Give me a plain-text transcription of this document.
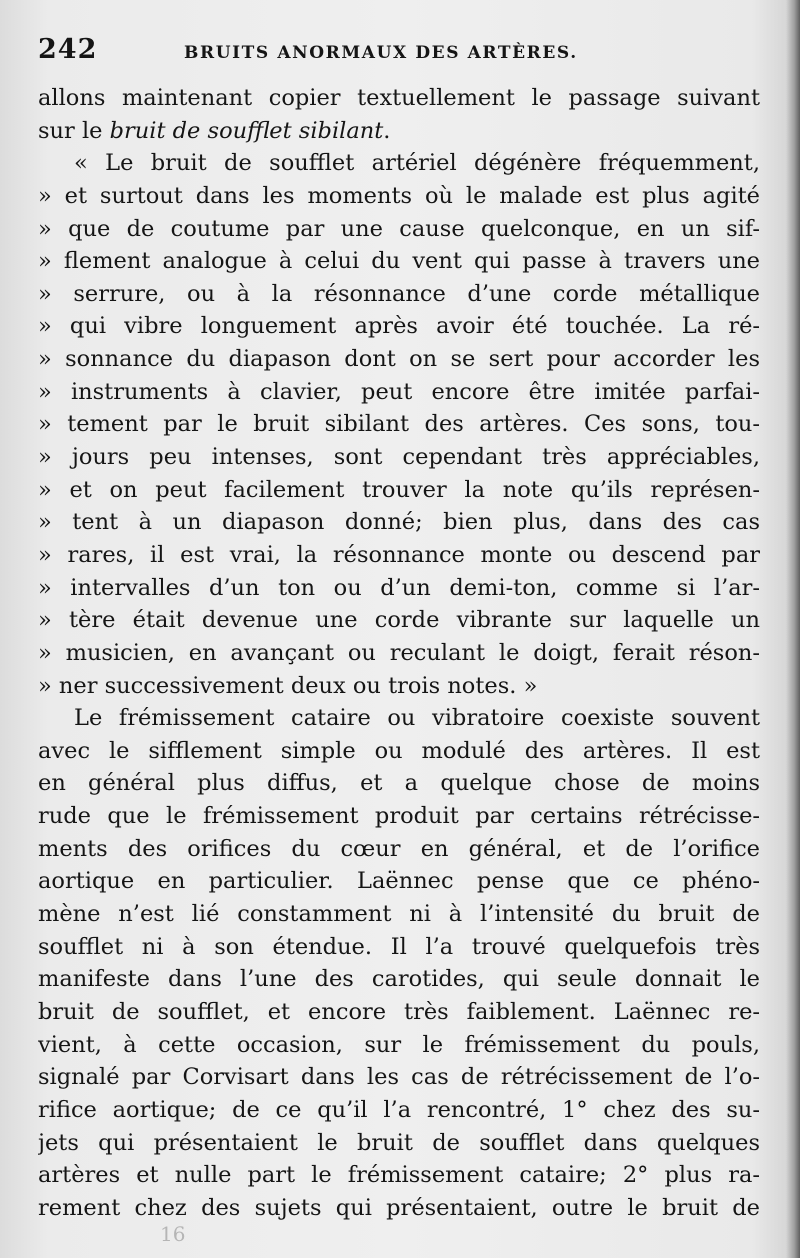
242	BRUITS ANORMAUX DES ARTÈRES.
allons maintenant copier textuellement le passage suivant
sur le bruit de soufflet sibilant.
« Le bruit de soufflet artériel dégénère fréquemment,
» et surtout dans les moments où le malade est plus agité
» que de coutume par une cause quelconque, en un sif-
» flement analogue à celui du vent qui passe à travers une
» serrure, ou à la résonnance d’une corde métallique
» qui vibre longuement après avoir été touchée. La ré-
» sonnance du diapason dont on se sert pour accorder les
» instruments à clavier, peut encore être imitée parfai-
» tement par le bruit sibilant des artères. Ces sons, tou-
» jours peu intenses, sont cependant très appréciables,
» et on peut facilement trouver la note qu’ils représen-
» tent à un diapason donné; bien plus, dans des cas
» rares, il est vrai, la résonnance monte ou descend par
» intervalles d’un ton ou d’un demi-ton, comme si l’ar-
» tère était devenue une corde vibrante sur laquelle un
» musicien, en avançant ou reculant le doigt, ferait réson-
» ner successivement deux ou trois notes. »
Le frémissement cataire ou vibratoire coexiste souvent
avec le sifflement simple ou modulé des artères. Il est
en général plus diffus, et a quelque chose de moins
rude que le frémissement produit par certains rétrécisse-
ments des orifices du cœur en général, et de l’orifice
aortique en particulier. Laënnec pense que ce phéno-
mène n’est lié constamment ni à l’intensité du bruit de
soufflet ni à son étendue. Il l’a trouvé quelquefois très
manifeste dans l’une des carotides, qui seule donnait le
bruit de soufflet, et encore très faiblement. Laënnec re-
vient, à cette occasion, sur le frémissement du pouls,
signalé par Corvisart dans les cas de rétrécissement de l’o-
rifice aortique; de ce qu’il l’a rencontré, 1° chez des su-
jets qui présentaient le bruit de soufflet dans quelques
artères et nulle part le frémissement cataire; 2° plus ra-
rement chez des sujets qui présentaient, outre le bruit de
16
